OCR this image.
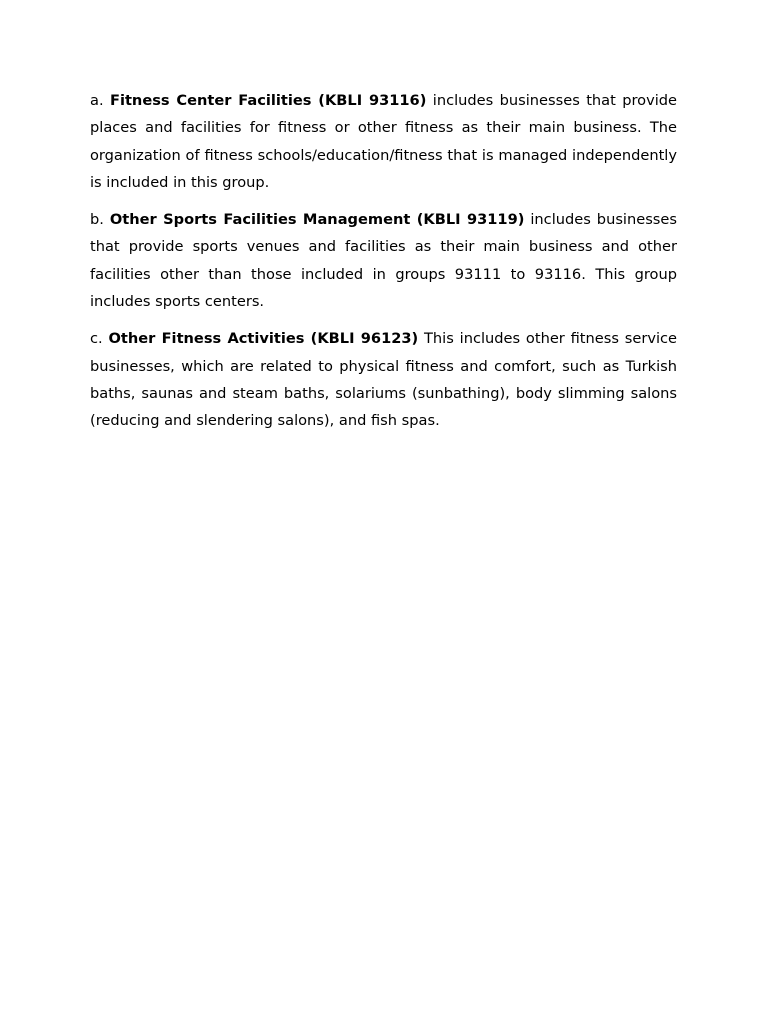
a. Fitness Center Facilities (KBLI 93116) includes businesses that provide places and facilities for fitness or other fitness as their main business. The organization of fitness schools/education/fitness that is managed independently is included in this group.

b. Other Sports Facilities Management (KBLI 93119) includes businesses that provide sports venues and facilities as their main business and other facilities other than those included in groups 93111 to 93116. This group includes sports centers.

c. Other Fitness Activities (KBLI 96123) This includes other fitness service businesses, which are related to physical fitness and comfort, such as Turkish baths, saunas and steam baths, solariums (sunbathing), body slimming salons (reducing and slendering salons), and fish spas.
